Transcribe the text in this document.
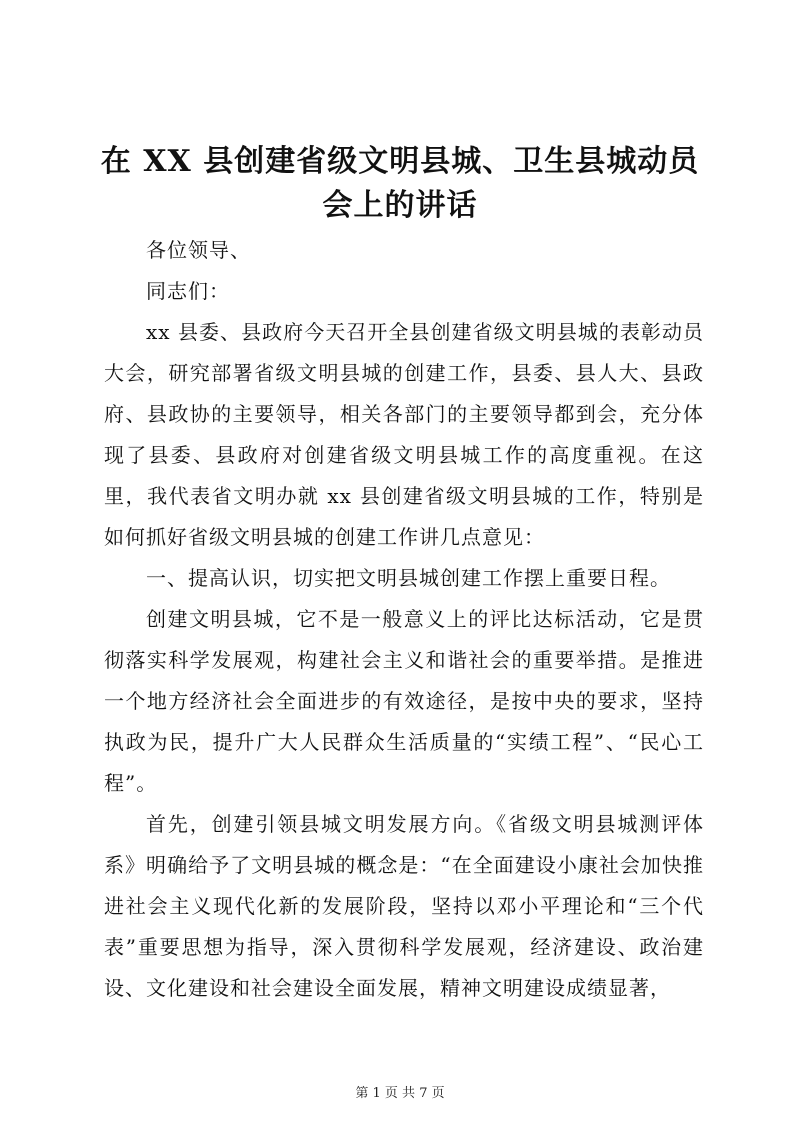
在 XX 县创建省级文明县城、卫生县城动员会上的讲话

各位领导、

同志们：

xx 县委、县政府今天召开全县创建省级文明县城的表彰动员大会，研究部署省级文明县城的创建工作，县委、县人大、县政府、县政协的主要领导，相关各部门的主要领导都到会，充分体现了县委、县政府对创建省级文明县城工作的高度重视。在这里，我代表省文明办就 xx 县创建省级文明县城的工作，特别是如何抓好省级文明县城的创建工作讲几点意见：

一、提高认识，切实把文明县城创建工作摆上重要日程。

创建文明县城，它不是一般意义上的评比达标活动，它是贯彻落实科学发展观，构建社会主义和谐社会的重要举措。是推进一个地方经济社会全面进步的有效途径，是按中央的要求，坚持执政为民，提升广大人民群众生活质量的“实绩工程”、“民心工程”。

首先，创建引领县城文明发展方向。《省级文明县城测评体系》明确给予了文明县城的概念是：“在全面建设小康社会加快推进社会主义现代化新的发展阶段，坚持以邓小平理论和“三个代表”重要思想为指导，深入贯彻科学发展观，经济建设、政治建设、文化建设和社会建设全面发展，精神文明建设成绩显著，

第 1 页 共 7 页
